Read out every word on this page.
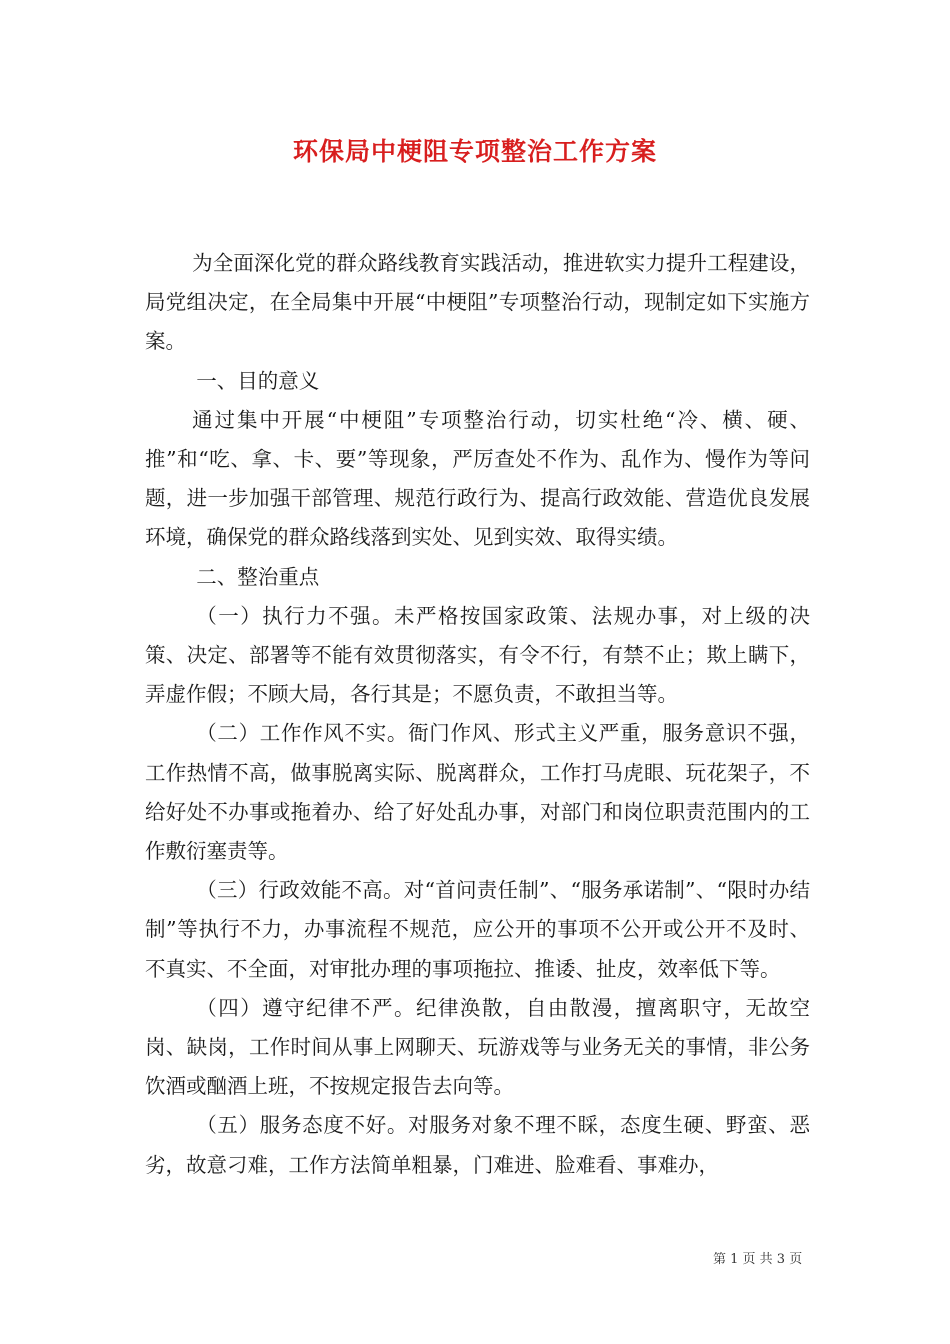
环保局中梗阻专项整治工作方案

为全面深化党的群众路线教育实践活动，推进软实力提升工程建设，局党组决定，在全局集中开展“中梗阻”专项整治行动，现制定如下实施方案。

一、目的意义

通过集中开展“中梗阻”专项整治行动，切实杜绝“冷、横、硬、推”和“吃、拿、卡、要”等现象，严厉查处不作为、乱作为、慢作为等问题，进一步加强干部管理、规范行政行为、提高行政效能、营造优良发展环境，确保党的群众路线落到实处、见到实效、取得实绩。

二、整治重点

（一）执行力不强。未严格按国家政策、法规办事，对上级的决策、决定、部署等不能有效贯彻落实，有令不行，有禁不止；欺上瞒下，弄虚作假；不顾大局，各行其是；不愿负责，不敢担当等。

（二）工作作风不实。衙门作风、形式主义严重，服务意识不强，工作热情不高，做事脱离实际、脱离群众，工作打马虎眼、玩花架子，不给好处不办事或拖着办、给了好处乱办事，对部门和岗位职责范围内的工作敷衍塞责等。

（三）行政效能不高。对“首问责任制”、“服务承诺制”、“限时办结制”等执行不力，办事流程不规范，应公开的事项不公开或公开不及时、不真实、不全面，对审批办理的事项拖拉、推诿、扯皮，效率低下等。

（四）遵守纪律不严。纪律涣散，自由散漫，擅离职守，无故空岗、缺岗，工作时间从事上网聊天、玩游戏等与业务无关的事情，非公务饮酒或酗酒上班，不按规定报告去向等。

（五）服务态度不好。对服务对象不理不睬，态度生硬、野蛮、恶劣，故意刁难，工作方法简单粗暴，门难进、脸难看、事难办，

第 1 页 共 3 页
